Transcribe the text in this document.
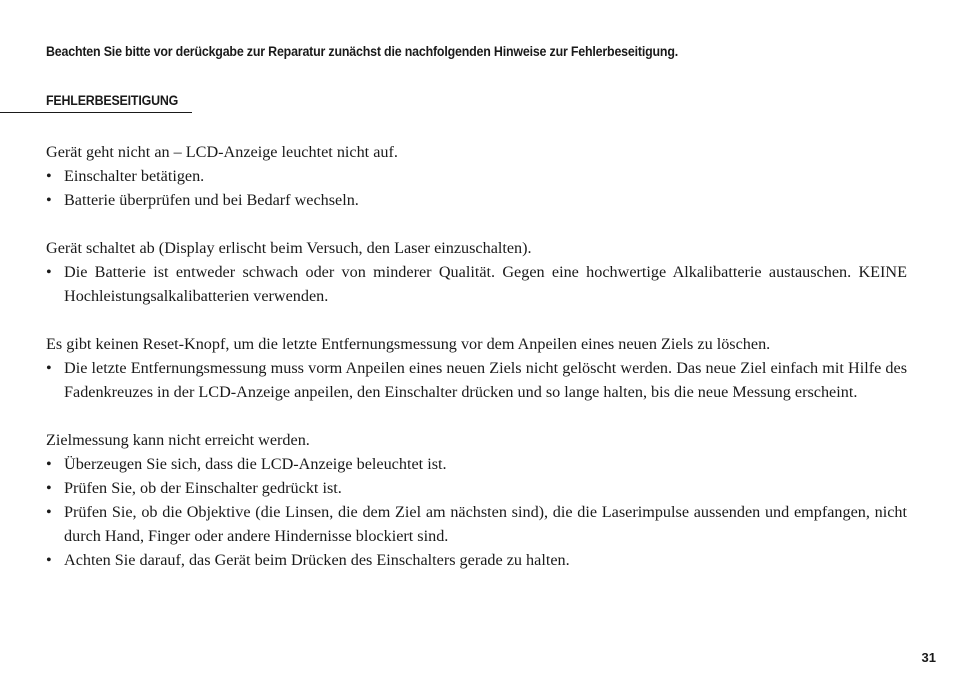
Beachten Sie bitte vor derückgabe zur Reparatur zunächst die nachfolgenden Hinweise zur Fehlerbeseitigung.
FEHLERBESEITIGUNG

Gerät geht nicht an – LCD-Anzeige leuchtet nicht auf.

• Einschalter betätigen.
• Batterie überprüfen und bei Bedarf wechseln.

Gerät schaltet ab (Display erlischt beim Versuch, den Laser einzuschalten).

• Die Batterie ist entweder schwach oder von minderer Qualität. Gegen eine hochwertige Alkalibatterie austauschen. KEINE Hochleistungsalkalibatterien verwenden.

Es gibt keinen Reset-Knopf, um die letzte Entfernungsmessung vor dem Anpeilen eines neuen Ziels zu löschen.

• Die letzte Entfernungsmessung muss vorm Anpeilen eines neuen Ziels nicht gelöscht werden. Das neue Ziel einfach mit Hilfe des Fadenkreuzes in der LCD-Anzeige anpeilen, den Einschalter drücken und so lange halten, bis die neue Messung erscheint.

Zielmessung kann nicht erreicht werden.

• Überzeugen Sie sich, dass die LCD-Anzeige beleuchtet ist.
• Prüfen Sie, ob der Einschalter gedrückt ist.
• Prüfen Sie, ob die Objektive (die Linsen, die dem Ziel am nächsten sind), die die Laserimpulse aussenden und empfangen, nicht durch Hand, Finger oder andere Hindernisse blockiert sind.
• Achten Sie darauf, das Gerät beim Drücken des Einschalters gerade zu halten.
31
